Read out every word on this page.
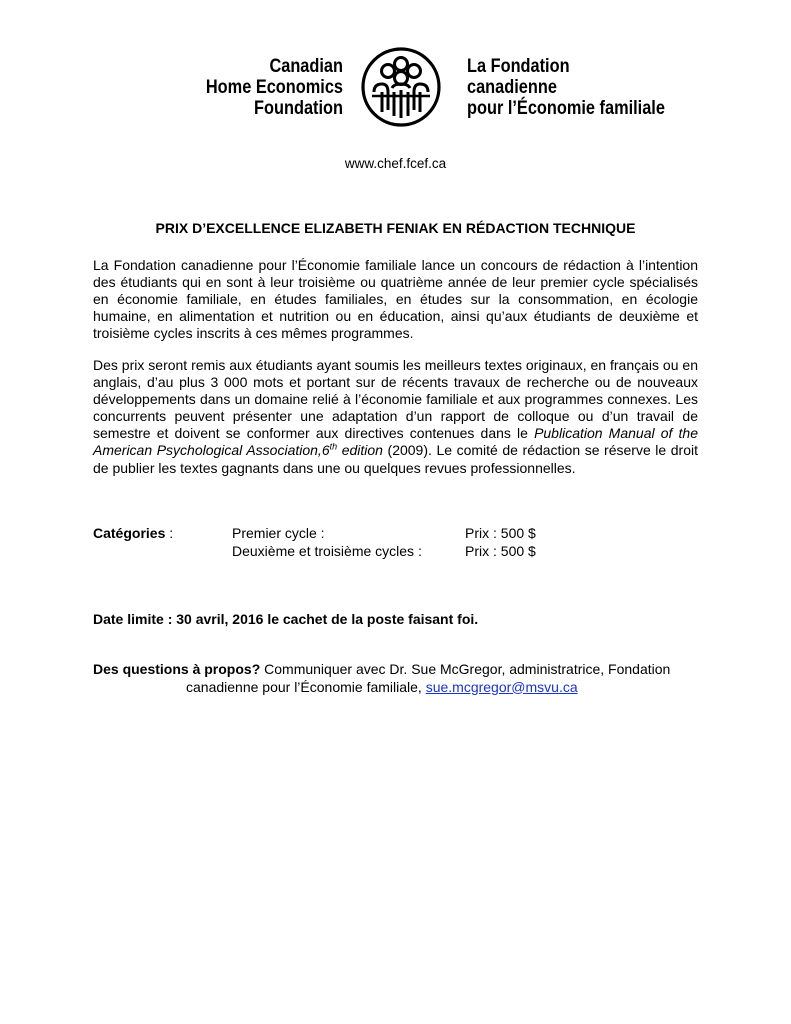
Canadian
Home Economics
Foundation
La Fondation
canadienne
pour l’Économie familiale
www.chef.fcef.ca
PRIX D’EXCELLENCE ELIZABETH FENIAK EN RÉDACTION TECHNIQUE
La Fondation canadienne pour l’Économie familiale lance un concours de rédaction à l’intention des étudiants qui en sont à leur troisième ou quatrième année de leur premier cycle spécialisés en économie familiale, en études familiales, en études sur la consommation, en écologie humaine, en alimentation et nutrition ou en éducation, ainsi qu’aux étudiants de deuxième et troisième cycles inscrits à ces mêmes programmes.
Des prix seront remis aux étudiants ayant soumis les meilleurs textes originaux, en français ou en anglais, d’au plus 3 000 mots et portant sur de récents travaux de recherche ou de nouveaux développements dans un domaine relié à l’économie familiale et aux programmes connexes. Les concurrents peuvent présenter une adaptation d’un rapport de colloque ou d’un travail de semestre et doivent se conformer aux directives contenues dans le Publication Manual of the American Psychological Association,6th edition (2009). Le comité de rédaction se réserve le droit de publier les textes gagnants dans une ou quelques revues professionnelles.
Catégories :	Premier cycle :	Prix : 500 $
Deuxième et troisième cycles :	Prix : 500 $
Date limite : 30 avril, 2016 le cachet de la poste faisant foi.
Des questions à propos? Communiquer avec Dr. Sue McGregor, administratrice, Fondation
canadienne pour l’Économie familiale, sue.mcgregor@msvu.ca
